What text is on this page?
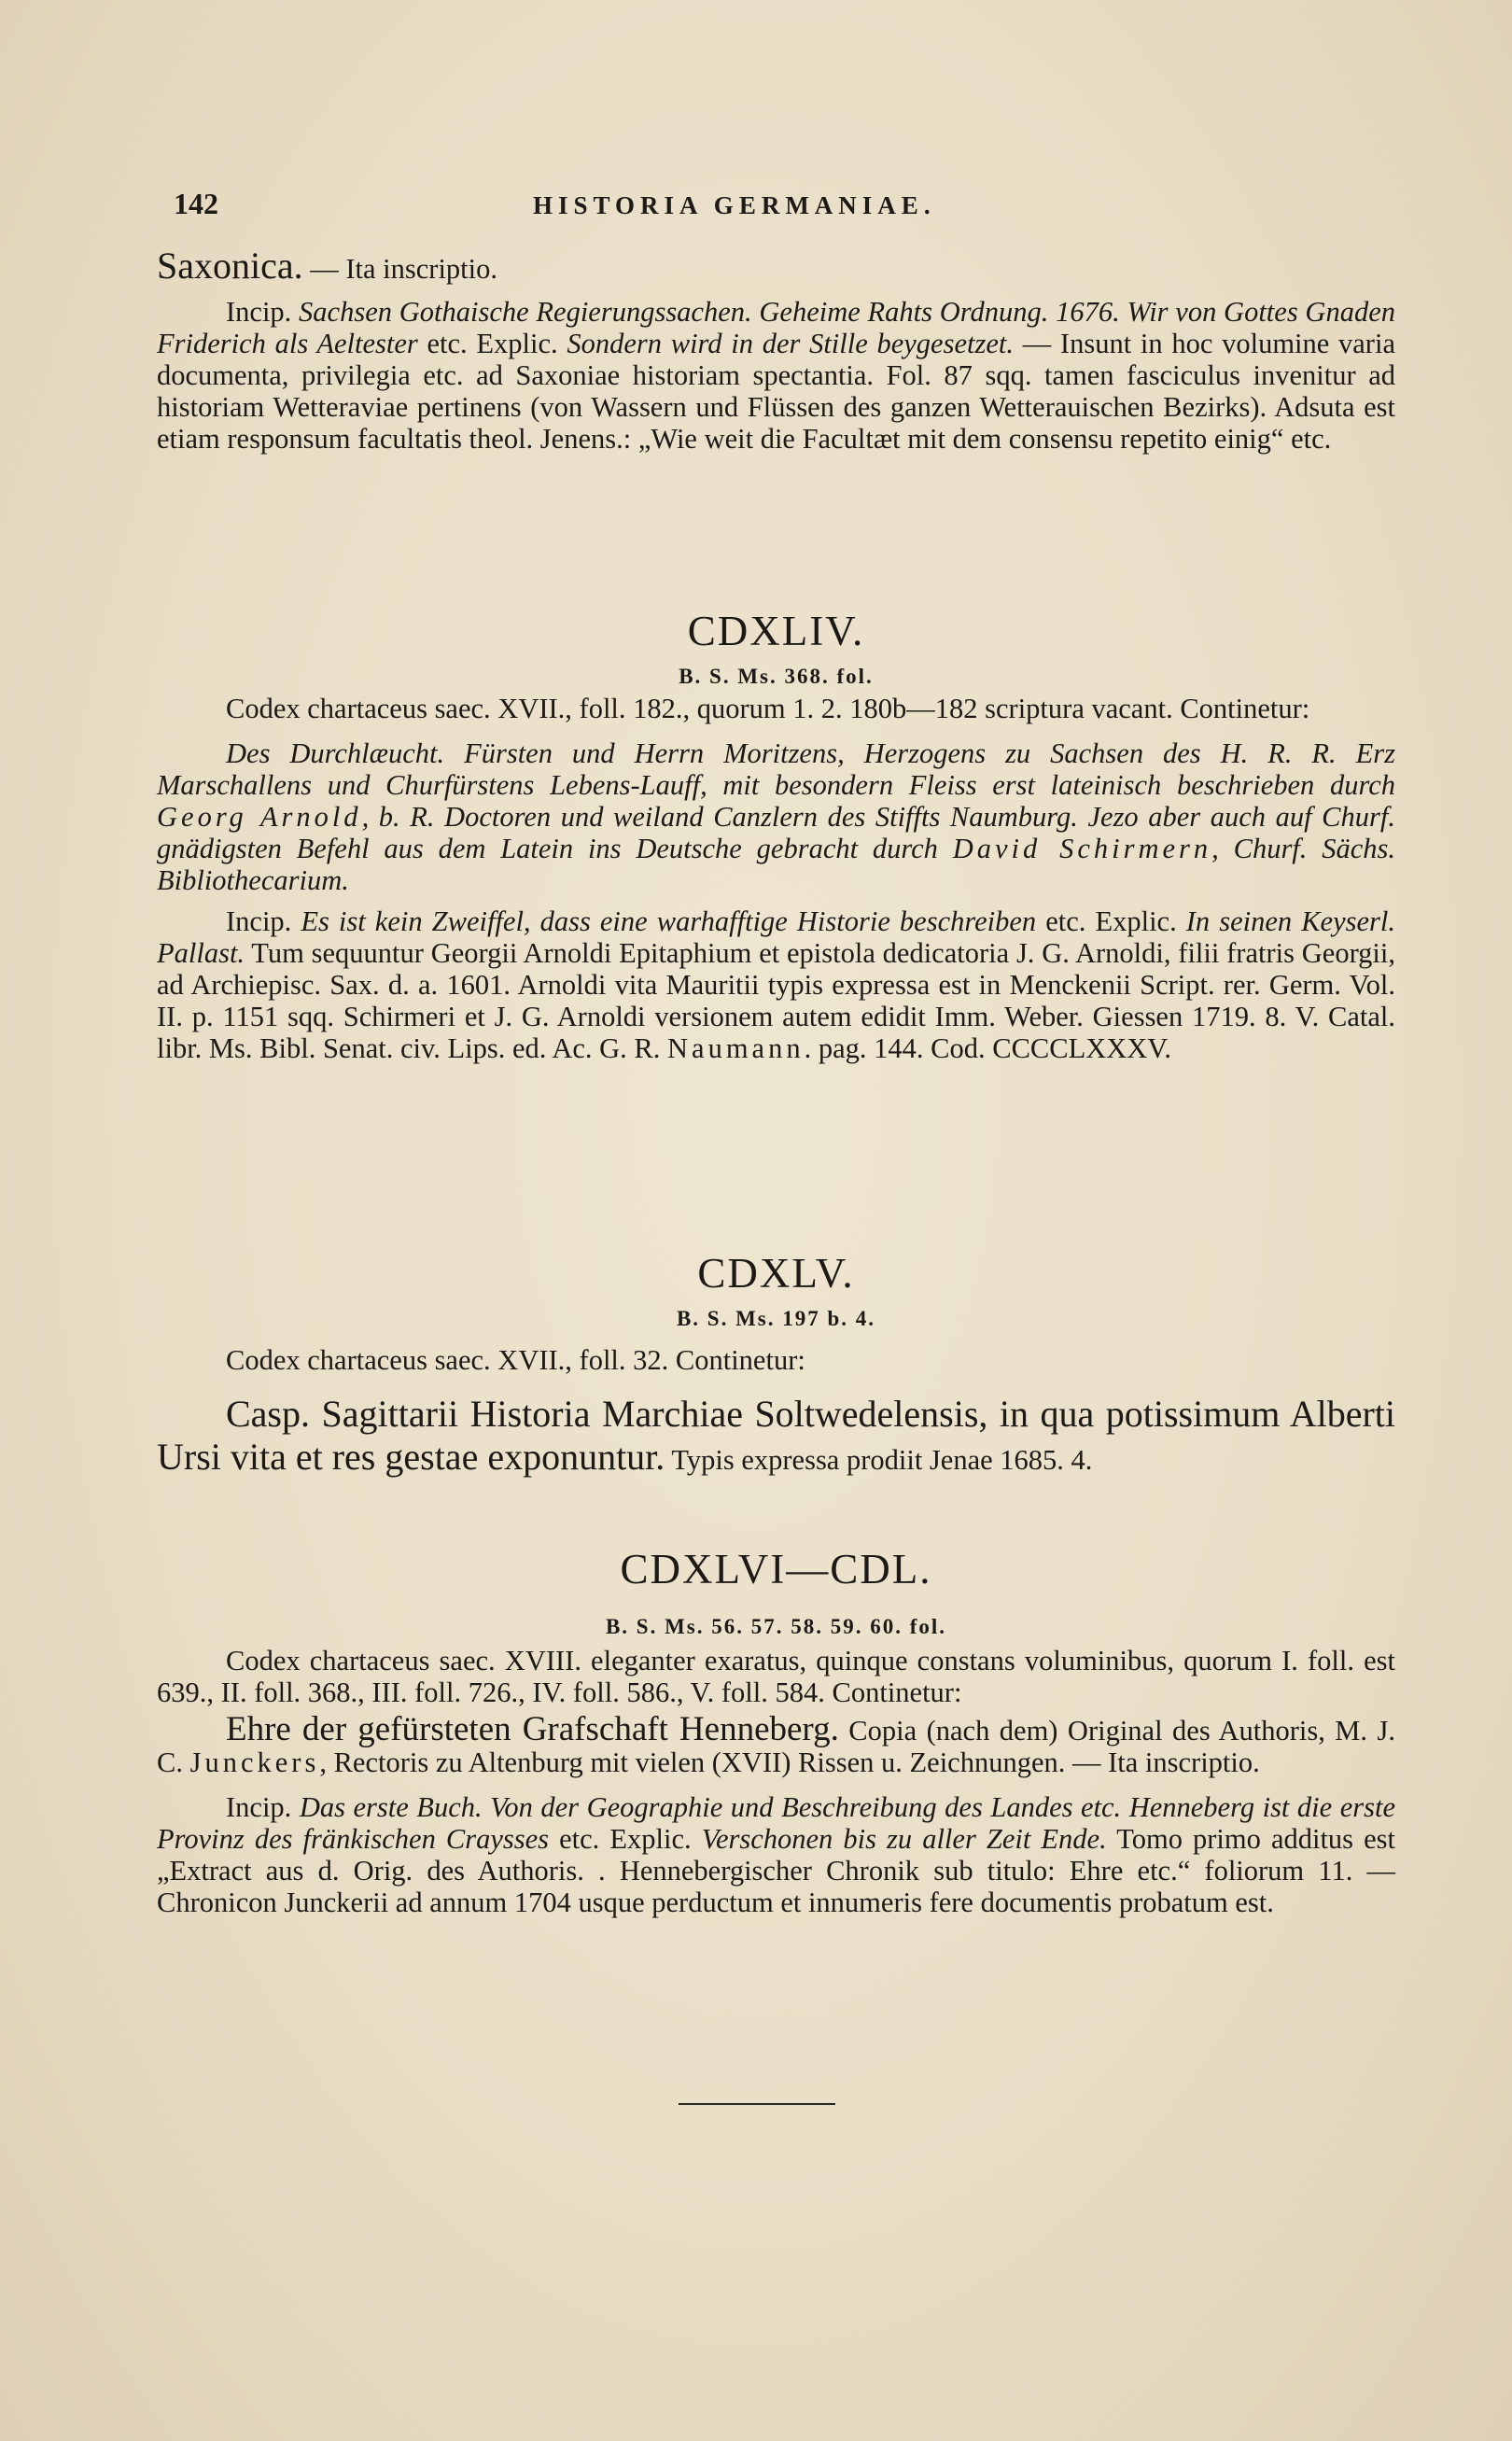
142	HISTORIA GERMANIAE.

Saxonica. — Ita inscriptio.

Incip. Sachsen Gothaische Regierungssachen. Geheime Rahts Ordnung. 1676. Wir von Gottes Gnaden Friderich als Aeltester etc. Explic. Sondern wird in der Stille beygesetzet. — Insunt in hoc volumine varia documenta, privilegia etc. ad Saxoniae historiam spectantia. Fol. 87 sqq. tamen fasciculus invenitur ad historiam Wetteraviae pertinens (von Wassern und Flüssen des ganzen Wetterauischen Bezirks). Adsuta est etiam responsum facultatis theol. Jenens.: „Wie weit die Facultæt mit dem consensu repetito einig“ etc.

CDXLIV.
B. S. Ms. 368. fol.

Codex chartaceus saec. XVII., foll. 182., quorum 1. 2. 180b—182 scriptura vacant. Continetur:

Des Durchlæucht. Fürsten und Herrn Moritzens, Herzogens zu Sachsen des H. R. R. Erz Marschallens und Churfürstens Lebens-Lauff, mit besondern Fleiss erst lateinisch beschrieben durch Georg Arnold, b. R. Doctoren und weiland Canzlern des Stiffts Naumburg. Jezo aber auch auf Churf. gnädigsten Befehl aus dem Latein ins Deutsche gebracht durch David Schirmern, Churf. Sächs. Bibliothecarium.

Incip. Es ist kein Zweiffel, dass eine warhafftige Historie beschreiben etc. Explic. In seinen Keyserl. Pallast. Tum sequuntur Georgii Arnoldi Epitaphium et epistola dedicatoria J. G. Arnoldi, filii fratris Georgii, ad Archiepisc. Sax. d. a. 1601. Arnoldi vita Mauritii typis expressa est in Menckenii Script. rer. Germ. Vol. II. p. 1151 sqq. Schirmeri et J. G. Arnoldi versionem autem edidit Imm. Weber. Giessen 1719. 8. V. Catal. libr. Ms. Bibl. Senat. civ. Lips. ed. Ac. G. R. Naumann. pag. 144. Cod. CCCCLXXXV.

CDXLV.
B. S. Ms. 197 b. 4.

Codex chartaceus saec. XVII., foll. 32. Continetur:

Casp. Sagittarii Historia Marchiae Soltwedelensis, in qua potissimum Alberti Ursi vita et res gestae exponuntur. Typis expressa prodiit Jenae 1685. 4.

CDXLVI—CDL.
B. S. Ms. 56. 57. 58. 59. 60. fol.

Codex chartaceus saec. XVIII. eleganter exaratus, quinque constans voluminibus, quorum I. foll. est 639., II. foll. 368., III. foll. 726., IV. foll. 586., V. foll. 584. Continetur:

Ehre der gefürsteten Grafschaft Henneberg. Copia (nach dem) Original des Authoris, M. J. C. Junckers, Rectoris zu Altenburg mit vielen (XVII) Rissen u. Zeichnungen. — Ita inscriptio.

Incip. Das erste Buch. Von der Geographie und Beschreibung des Landes etc. Henneberg ist die erste Provinz des fränkischen Craysses etc. Explic. Verschonen bis zu aller Zeit Ende. Tomo primo additus est „Extract aus d. Orig. des Authoris. . Hennebergischer Chronik sub titulo: Ehre etc.“ foliorum 11. — Chronicon Junckerii ad annum 1704 usque perductum et innumeris fere documentis probatum est.
